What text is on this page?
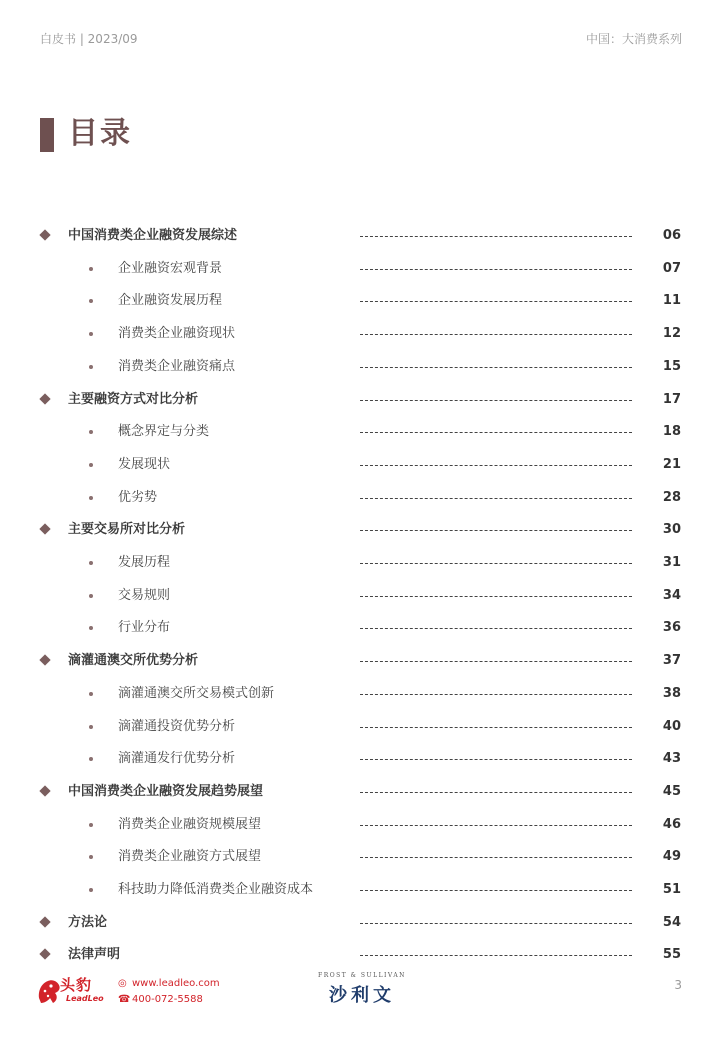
白皮书 | 2023/09	中国：大消费系列
目录
中国消费类企业融资发展综述	06
企业融资宏观背景	07
企业融资发展历程	11
消费类企业融资现状	12
消费类企业融资痛点	15
主要融资方式对比分析	17
概念界定与分类	18
发展现状	21
优劣势	28
主要交易所对比分析	30
发展历程	31
交易规则	34
行业分布	36
滴灌通澳交所优势分析	37
滴灌通澳交所交易模式创新	38
滴灌通投资优势分析	40
滴灌通发行优势分析	43
中国消费类企业融资发展趋势展望	45
消费类企业融资规模展望	46
消费类企业融资方式展望	49
科技助力降低消费类企业融资成本	51
方法论	54
法律声明	55
头豹
LeadLeo
◎ www.leadleo.com
☎ 400-072-5588
FROST & SULLIVAN
沙利文	3
